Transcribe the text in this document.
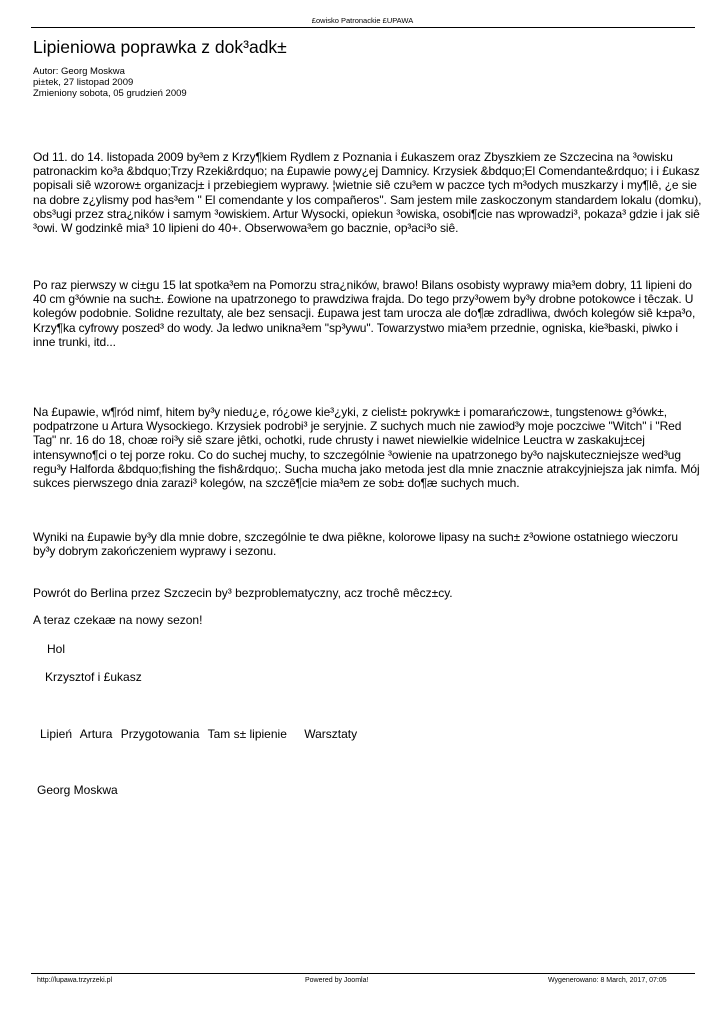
£owisko Patronackie £UPAWA
Lipieniowa poprawka z dok³adk±
Autor: Georg Moskwa
pi±tek, 27 listopad 2009
Zmieniony sobota, 05 grudzień 2009

Od 11. do 14. listopada 2009 by³em z Krzy¶kiem Rydlem z Poznania i £ukaszem oraz Zbyszkiem ze Szczecina na ³owisku patronackim ko³a &bdquo;Trzy Rzeki&rdquo; na £upawie powy¿ej Damnicy. Krzysiek &bdquo;El Comendante&rdquo; i i £ukasz popisali siê wzorow± organizacj± i przebiegiem wyprawy. ¦wietnie siê czu³em w paczce tych m³odych muszkarzy i my¶lê, ¿e sie na dobre z¿ylismy pod has³em " El comendante y los compañeros". Sam jestem mile zaskoczonym standardem lokalu (domku), obs³ugi przez stra¿ników i samym ³owiskiem. Artur Wysocki, opiekun ³owiska, osobi¶cie nas wprowadzi³, pokaza³ gdzie i jak siê ³owi. W godzinkê mia³ 10 lipieni do 40+. Obserwowa³em go bacznie, op³aci³o siê.

Po raz pierwszy w ci±gu 15 lat spotka³em na Pomorzu stra¿ników, brawo! Bilans osobisty wyprawy mia³em dobry, 11 lipieni do 40 cm g³ównie na such±. £owione na upatrzonego to prawdziwa frajda. Do tego przy³owem by³y drobne potokowce i têczak. U kolegów podobnie. Solidne rezultaty, ale bez sensacji. £upawa jest tam urocza ale do¶æ zdradliwa, dwóch kolegów siê k±pa³o, Krzy¶ka cyfrowy poszed³ do wody. Ja ledwo unikna³em "sp³ywu". Towarzystwo mia³em przednie, ogniska, kie³baski, piwko i inne trunki, itd...

Na £upawie, w¶ród nimf, hitem by³y niedu¿e, ró¿owe kie³¿yki, z cielist± pokrywk± i pomarańczow±, tungstenow± g³ówk±, podpatrzone u Artura Wysockiego. Krzysiek podrobi³ je seryjnie. Z suchych much nie zawiod³y moje poczciwe "Witch" i "Red Tag" nr. 16 do 18, choæ roi³y siê szare jêtki, ochotki, rude chrusty i nawet niewielkie widelnice Leuctra w zaskakuj±cej intensywno¶ci o tej porze roku. Co do suchej muchy, to szczególnie ³owienie na upatrzonego by³o najskuteczniejsze wed³ug regu³y Halforda &bdquo;fishing the fish&rdquo;. Sucha mucha jako metoda jest dla mnie znacznie atrakcyjniejsza jak nimfa. Mój sukces pierwszego dnia zarazi³ kolegów, na szczê¶cie mia³em ze sob± do¶æ suchych much.

Wyniki na £upawie by³y dla mnie dobre, szczególnie te dwa piêkne, kolorowe lipasy na such± z³owione ostatniego wieczoru by³y dobrym zakończeniem wyprawy i sezonu.

Powrót do Berlina przez Szczecin by³ bezproblematyczny, acz trochê mêcz±cy.

A teraz czekaæ na nowy sezon!

Hol

Krzysztof i £ukasz

Lipień Artura Przygotowania Tam s± lipienie Warsztaty

Georg Moskwa

http://lupawa.trzyrzeki.pl	Powered by Joomla!	Wygenerowano: 8 March, 2017, 07:05
